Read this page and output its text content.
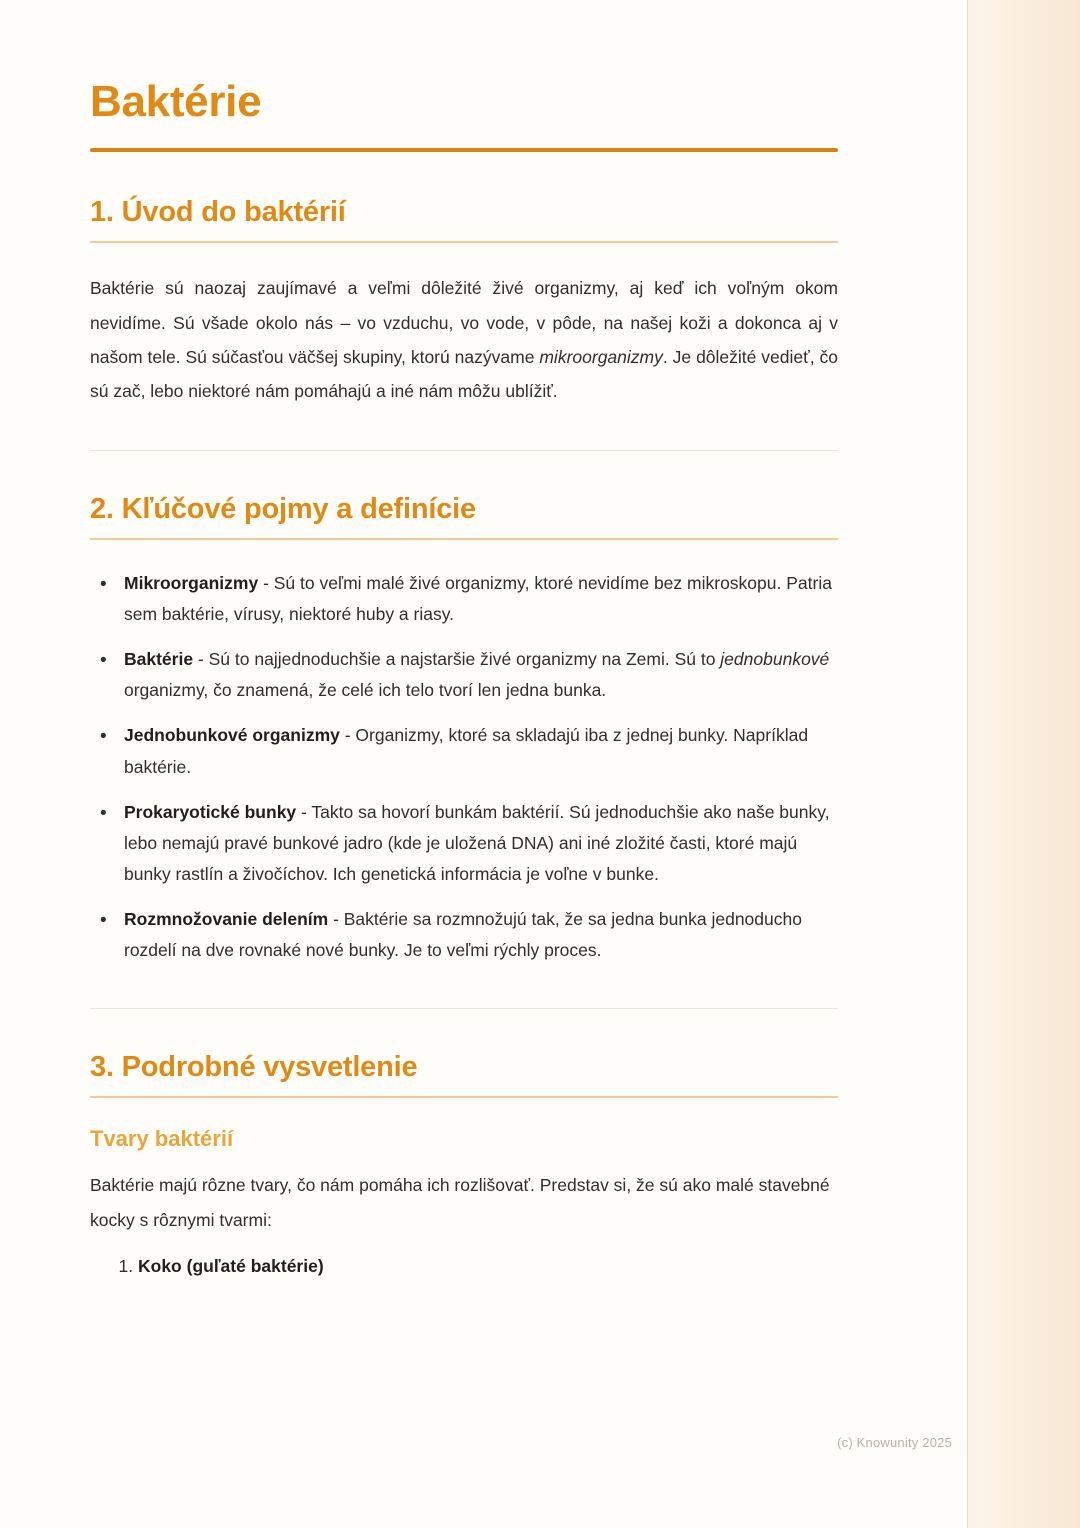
Baktérie
1. Úvod do baktérií

Baktérie sú naozaj zaujímavé a veľmi dôležité živé organizmy, aj keď ich voľným okom nevidíme. Sú všade okolo nás – vo vzduchu, vo vode, v pôde, na našej koži a dokonca aj v našom tele. Sú súčasťou väčšej skupiny, ktorú nazývame mikroorganizmy. Je dôležité vedieť, čo sú zač, lebo niektoré nám pomáhajú a iné nám môžu ublížiť.

2. Kľúčové pojmy a definície
• Mikroorganizmy - Sú to veľmi malé živé organizmy, ktoré nevidíme bez mikroskopu. Patria sem baktérie, vírusy, niektoré huby a riasy.
• Baktérie - Sú to najjednoduchšie a najstaršie živé organizmy na Zemi. Sú to jednobunkové organizmy, čo znamená, že celé ich telo tvorí len jedna bunka.
• Jednobunkové organizmy - Organizmy, ktoré sa skladajú iba z jednej bunky. Napríklad baktérie.
• Prokaryotické bunky - Takto sa hovorí bunkám baktérií. Sú jednoduchšie ako naše bunky, lebo nemajú pravé bunkové jadro (kde je uložená DNA) ani iné zložité časti, ktoré majú bunky rastlín a živočíchov. Ich genetická informácia je voľne v bunke.
• Rozmnožovanie delením - Baktérie sa rozmnožujú tak, že sa jedna bunka jednoducho rozdelí na dve rovnaké nové bunky. Je to veľmi rýchly proces.
3. Podrobné vysvetlenie
Tvary baktérií

Baktérie majú rôzne tvary, čo nám pomáha ich rozlišovať. Predstav si, že sú ako malé stavebné kocky s rôznymi tvarmi:

1. Koko (guľaté baktérie)
(c) Knowunity 2025
